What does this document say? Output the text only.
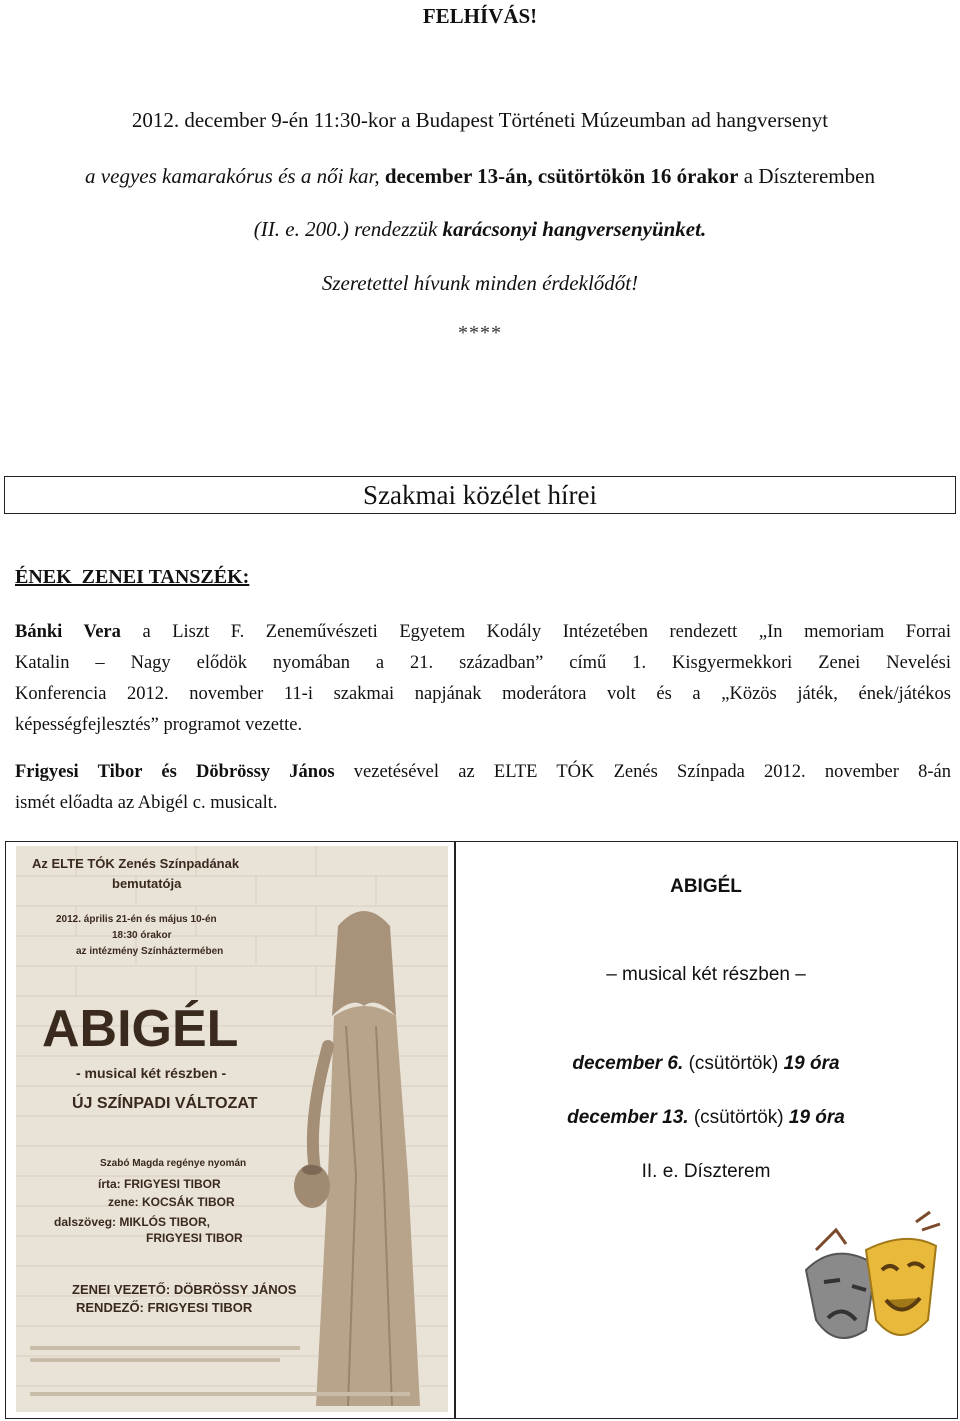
FELHÍVÁS!
2012. december 9-én 11:30-kor a Budapest Történeti Múzeumban ad hangversenyt
a vegyes kamarakórus és a női kar, december 13-án, csütörtökön 16 órakor a Díszteremben
(II. e. 200.) rendezzük karácsonyi hangversenyünket.
Szeretettel hívunk minden érdeklődőt!
****
Szakmai közélet hírei
ÉNEK_ZENEI TANSZÉK:
Bánki Vera a Liszt F. Zeneművészeti Egyetem Kodály Intézetében rendezett „In memoriam Forrai
Katalin – Nagy elődök nyomában a 21. században” című 1. Kisgyermekkori Zenei Nevelési
Konferencia 2012. november 11-i szakmai napjának moderátora volt és a „Közös játék, ének/játékos
képességfejlesztés” programot vezette.
Frigyesi Tibor és Döbrössy János vezetésével az ELTE TÓK Zenés Színpada 2012. november 8-án
ismét előadta az Abigél c. musicalt.
Az ELTE TÓK Zenés Színpadának
bemutatója
2012. április 21-én és május 10-én
18:30 órakor
az intézmény Színháztermében
ABIGÉL
- musical két részben -
ÚJ SZÍNPADI VÁLTOZAT
Szabó Magda regénye nyomán
írta: FRIGYESI TIBOR
zene: KOCSÁK TIBOR
dalszöveg: MIKLÓS TIBOR,
FRIGYESI TIBOR
ZENEI VEZETŐ: DÖBRÖSSY JÁNOS
RENDEZŐ: FRIGYESI TIBOR
ABIGÉL
– musical két részben –
december 6. (csütörtök) 19 óra
december 13. (csütörtök) 19 óra
II. e. Díszterem
